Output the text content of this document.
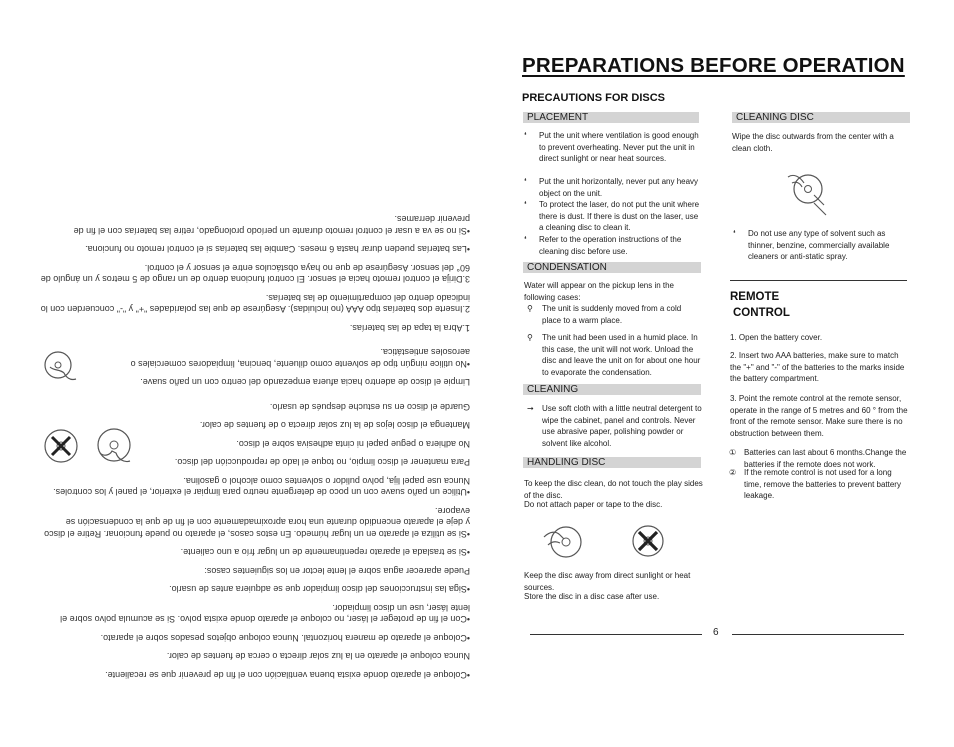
•Coloque el aparato donde exista buena ventilación con el fin de prevenir que se recaliente.

Nunca coloque el aparato en la luz solar directa o cerca de fuentes de calor.

•Coloque el aparato de manera horizontal. Nunca coloque objetos pesados sobre el aparato.

•Con el fin de proteger el láser, no coloque el aparato donde exista polvo. Si se acumula polvo sobre el lente láser, use un disco limpiador.

•Siga las instrucciones del disco limpiador que se adquiera antes de usarlo.

Puede aparecer agua sobre el lente lector en los siguientes casos:

•Si se traslada el aparato repentinamente de un lugar frío a uno caliente.

•Si se utiliza el aparato en un lugar húmedo. En estos casos, el aparato no puede funcionar. Retire el disco y deje el aparato encendido durante una hora aproximadamente con el fin de que la condensación se evapore.

•Utilice un paño suave con un poco de detergente neutro para limpiar el exterior, el panel y los controles. Nunca use papel lija, polvo pulidor o solventes como alcohol o gasolina.

Para mantener el disco limpio, no toque el lado de reproducción del disco.

No adhiera o pegue papel ni cinta adhesiva sobre el disco.

Mantenga el disco lejos de la luz solar directa o de fuentes de calor.

Guarde el disco en su estuche después de usarlo.

Limpie el disco de adentro hacia afuera empezando del centro con un paño suave.

•No utilice ningún tipo de solvente como diluente, bencina, limpiadores comerciales o aerosoles antiestática.

1.Abra la tapa de las baterías.

2.Inserte dos baterías tipo AAA (no incluidas). Asegúrese de que las polaridades "+" y "-" concuerden con lo indicado dentro del compartimiento de las baterías.

3.Dirija el control remoto hacia el sensor. El control funciona dentro de un rango de 5 metros y un ángulo de 60° del sensor. Asegúrese de que no haya obstáculos entre el sensor y el control.

•Las baterías pueden durar hasta 6 meses. Cambie las baterías si el control remoto no funciona.

•Si no se va a usar el control remoto durante un período prolongado, retire las baterías con el fin de prevenir derrames.

PREPARATIONS BEFORE OPERATION
PRECAUTIONS FOR DISCS
PLACEMENT
❛ Put the unit where ventilation is good enough to prevent overheating. Never put the unit in direct sunlight or near heat sources.
❛ Put the unit horizontally, never put any heavy object on the unit.
❛ To protect the laser, do not put the unit where there is dust. If there is dust on the laser, use a cleaning disc to clean it.
❛ Refer to the operation instructions of the cleaning disc before use.
CONDENSATION
Water will appear on the pickup lens in the following cases:
⚲ The unit is suddenly moved from a cold place to a warm place.
⚲ The unit had been used in a humid place. In this case, the unit will not work. Unload the disc and leave the unit on for about one hour to evaporate the condensation.
CLEANING
➞ Use soft cloth with a little neutral detergent to wipe the cabinet, panel and controls. Never use abrasive paper, polishing powder or solvent like alcohol.
HANDLING DISC
To keep the disc clean, do not touch the play sides of the disc.
Do not attach paper or tape to the disc.
Keep the disc away from direct sunlight or heat sources.
Store the disc in a disc case after use.
CLEANING DISC
Wipe the disc outwards from the center with a clean cloth.
❛ Do not use any type of solvent such as thinner, benzine, commercially available cleaners or anti-static spray.
REMOTE
CONTROL
1. Open the battery cover.
2. Insert two AAA batteries, make sure to match the "+" and "-" of the batteries to the marks inside the battery compartment.
3. Point the remote control at the remote sensor, operate in the range of 5 metres and 60 ° from the front of the remote sensor. Make sure there is no obstruction between them.
① Batteries can last about 6 months.Change the batteries if the remote does not work.
② If the remote control is not used for a long time, remove the batteries to prevent battery leakage.
6
